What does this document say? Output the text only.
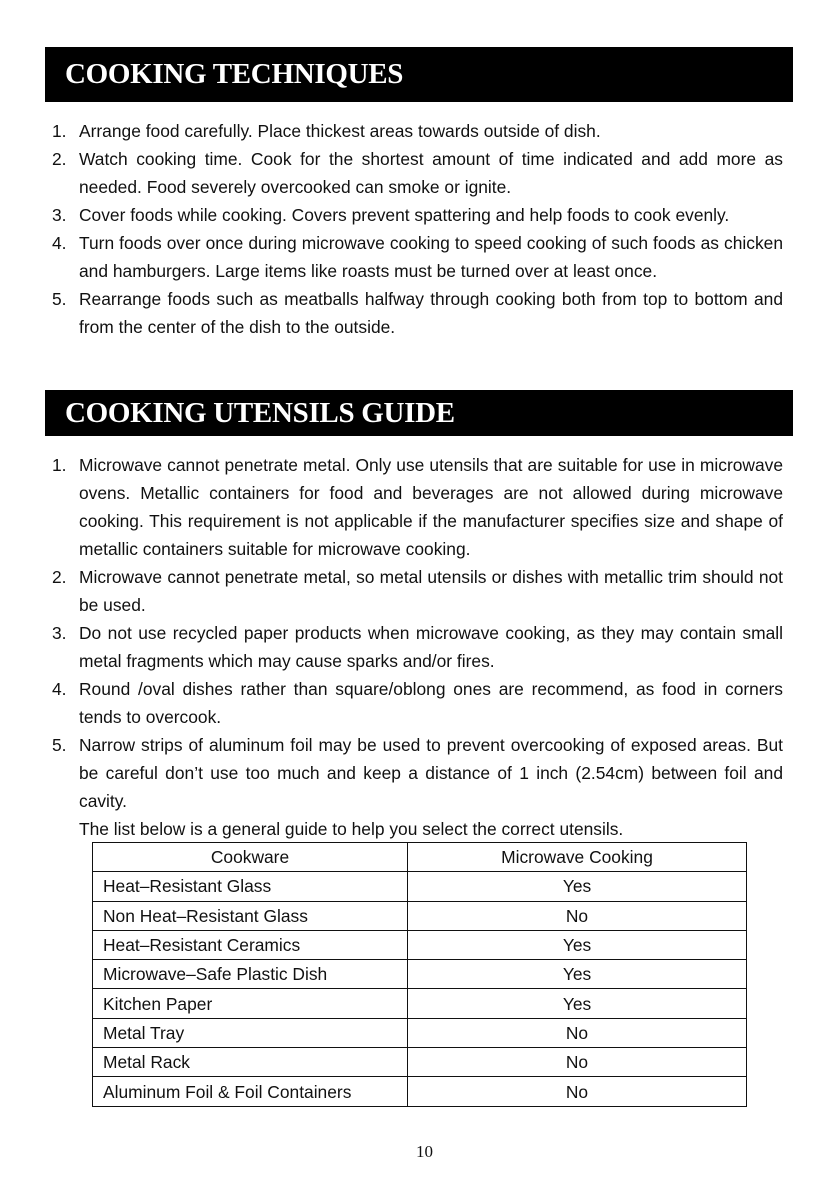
COOKING TECHNIQUES
1. Arrange food carefully. Place thickest areas towards outside of dish.
2. Watch cooking time. Cook for the shortest amount of time indicated and add more as needed. Food severely overcooked can smoke or ignite.
3. Cover foods while cooking. Covers prevent spattering and help foods to cook evenly.
4. Turn foods over once during microwave cooking to speed cooking of such foods as chicken and hamburgers. Large items like roasts must be turned over at least once.
5. Rearrange foods such as meatballs halfway through cooking both from top to bottom and from the center of the dish to the outside.
COOKING UTENSILS GUIDE
1. Microwave cannot penetrate metal. Only use utensils that are suitable for use in microwave ovens. Metallic containers for food and beverages are not allowed during microwave cooking. This requirement is not applicable if the manufacturer specifies size and shape of metallic containers suitable for microwave cooking.
2. Microwave cannot penetrate metal, so metal utensils or dishes with metallic trim should not be used.
3. Do not use recycled paper products when microwave cooking, as they may contain small metal fragments which may cause sparks and/or fires.
4. Round /oval dishes rather than square/oblong ones are recommend, as food in corners tends to overcook.
5. Narrow strips of aluminum foil may be used to prevent overcooking of exposed areas. But be careful don’t use too much and keep a distance of 1 inch (2.54cm) between foil and cavity.
The list below is a general guide to help you select the correct utensils.
Cookware	Microwave Cooking
Heat–Resistant Glass	Yes
Non Heat–Resistant Glass	No
Heat–Resistant Ceramics	Yes
Microwave–Safe Plastic Dish	Yes
Kitchen Paper	Yes
Metal Tray	No
Metal Rack	No
Aluminum Foil & Foil Containers	No
10
